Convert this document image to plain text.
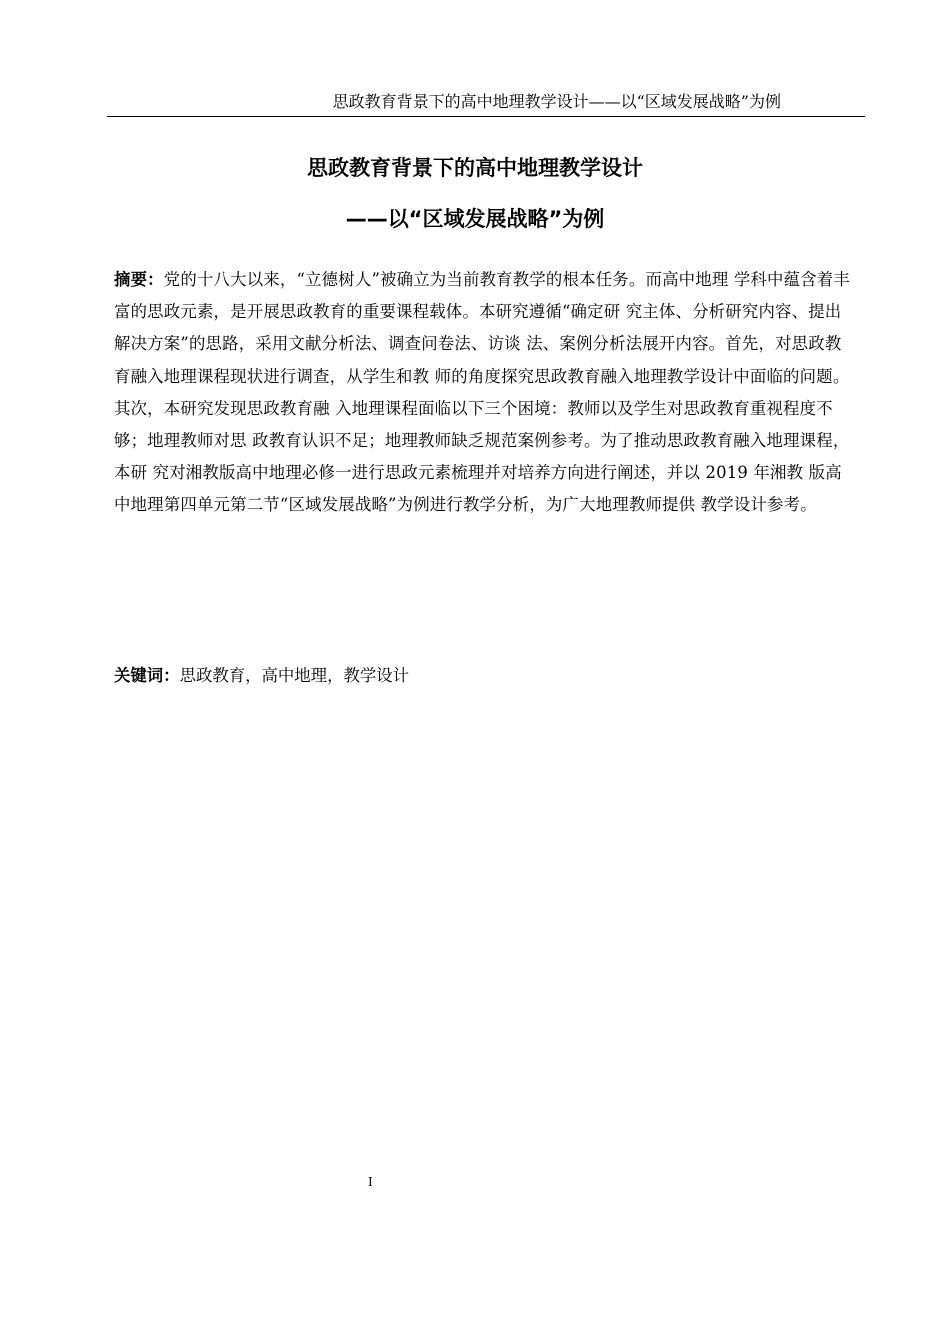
思政教育背景下的高中地理教学设计——以“区域发展战略”为例
思政教育背景下的高中地理教学设计
——以“区域发展战略”为例

摘要：党的十八大以来，“立德树人”被确立为当前教育教学的根本任务。而高中地理 学科中蕴含着丰富的思政元素，是开展思政教育的重要课程载体。本研究遵循“确定研 究主体、分析研究内容、提出解决方案”的思路，采用文献分析法、调查问卷法、访谈 法、案例分析法展开内容。首先，对思政教育融入地理课程现状进行调查，从学生和教 师的角度探究思政教育融入地理教学设计中面临的问题。其次，本研究发现思政教育融 入地理课程面临以下三个困境：教师以及学生对思政教育重视程度不够；地理教师对思 政教育认识不足；地理教师缺乏规范案例参考。为了推动思政教育融入地理课程，本研 究对湘教版高中地理必修一进行思政元素梳理并对培养方向进行阐述，并以 2019 年湘教 版高中地理第四单元第二节“区域发展战略”为例进行教学分析，为广大地理教师提供 教学设计参考。

关键词：思政教育，高中地理，教学设计
I
